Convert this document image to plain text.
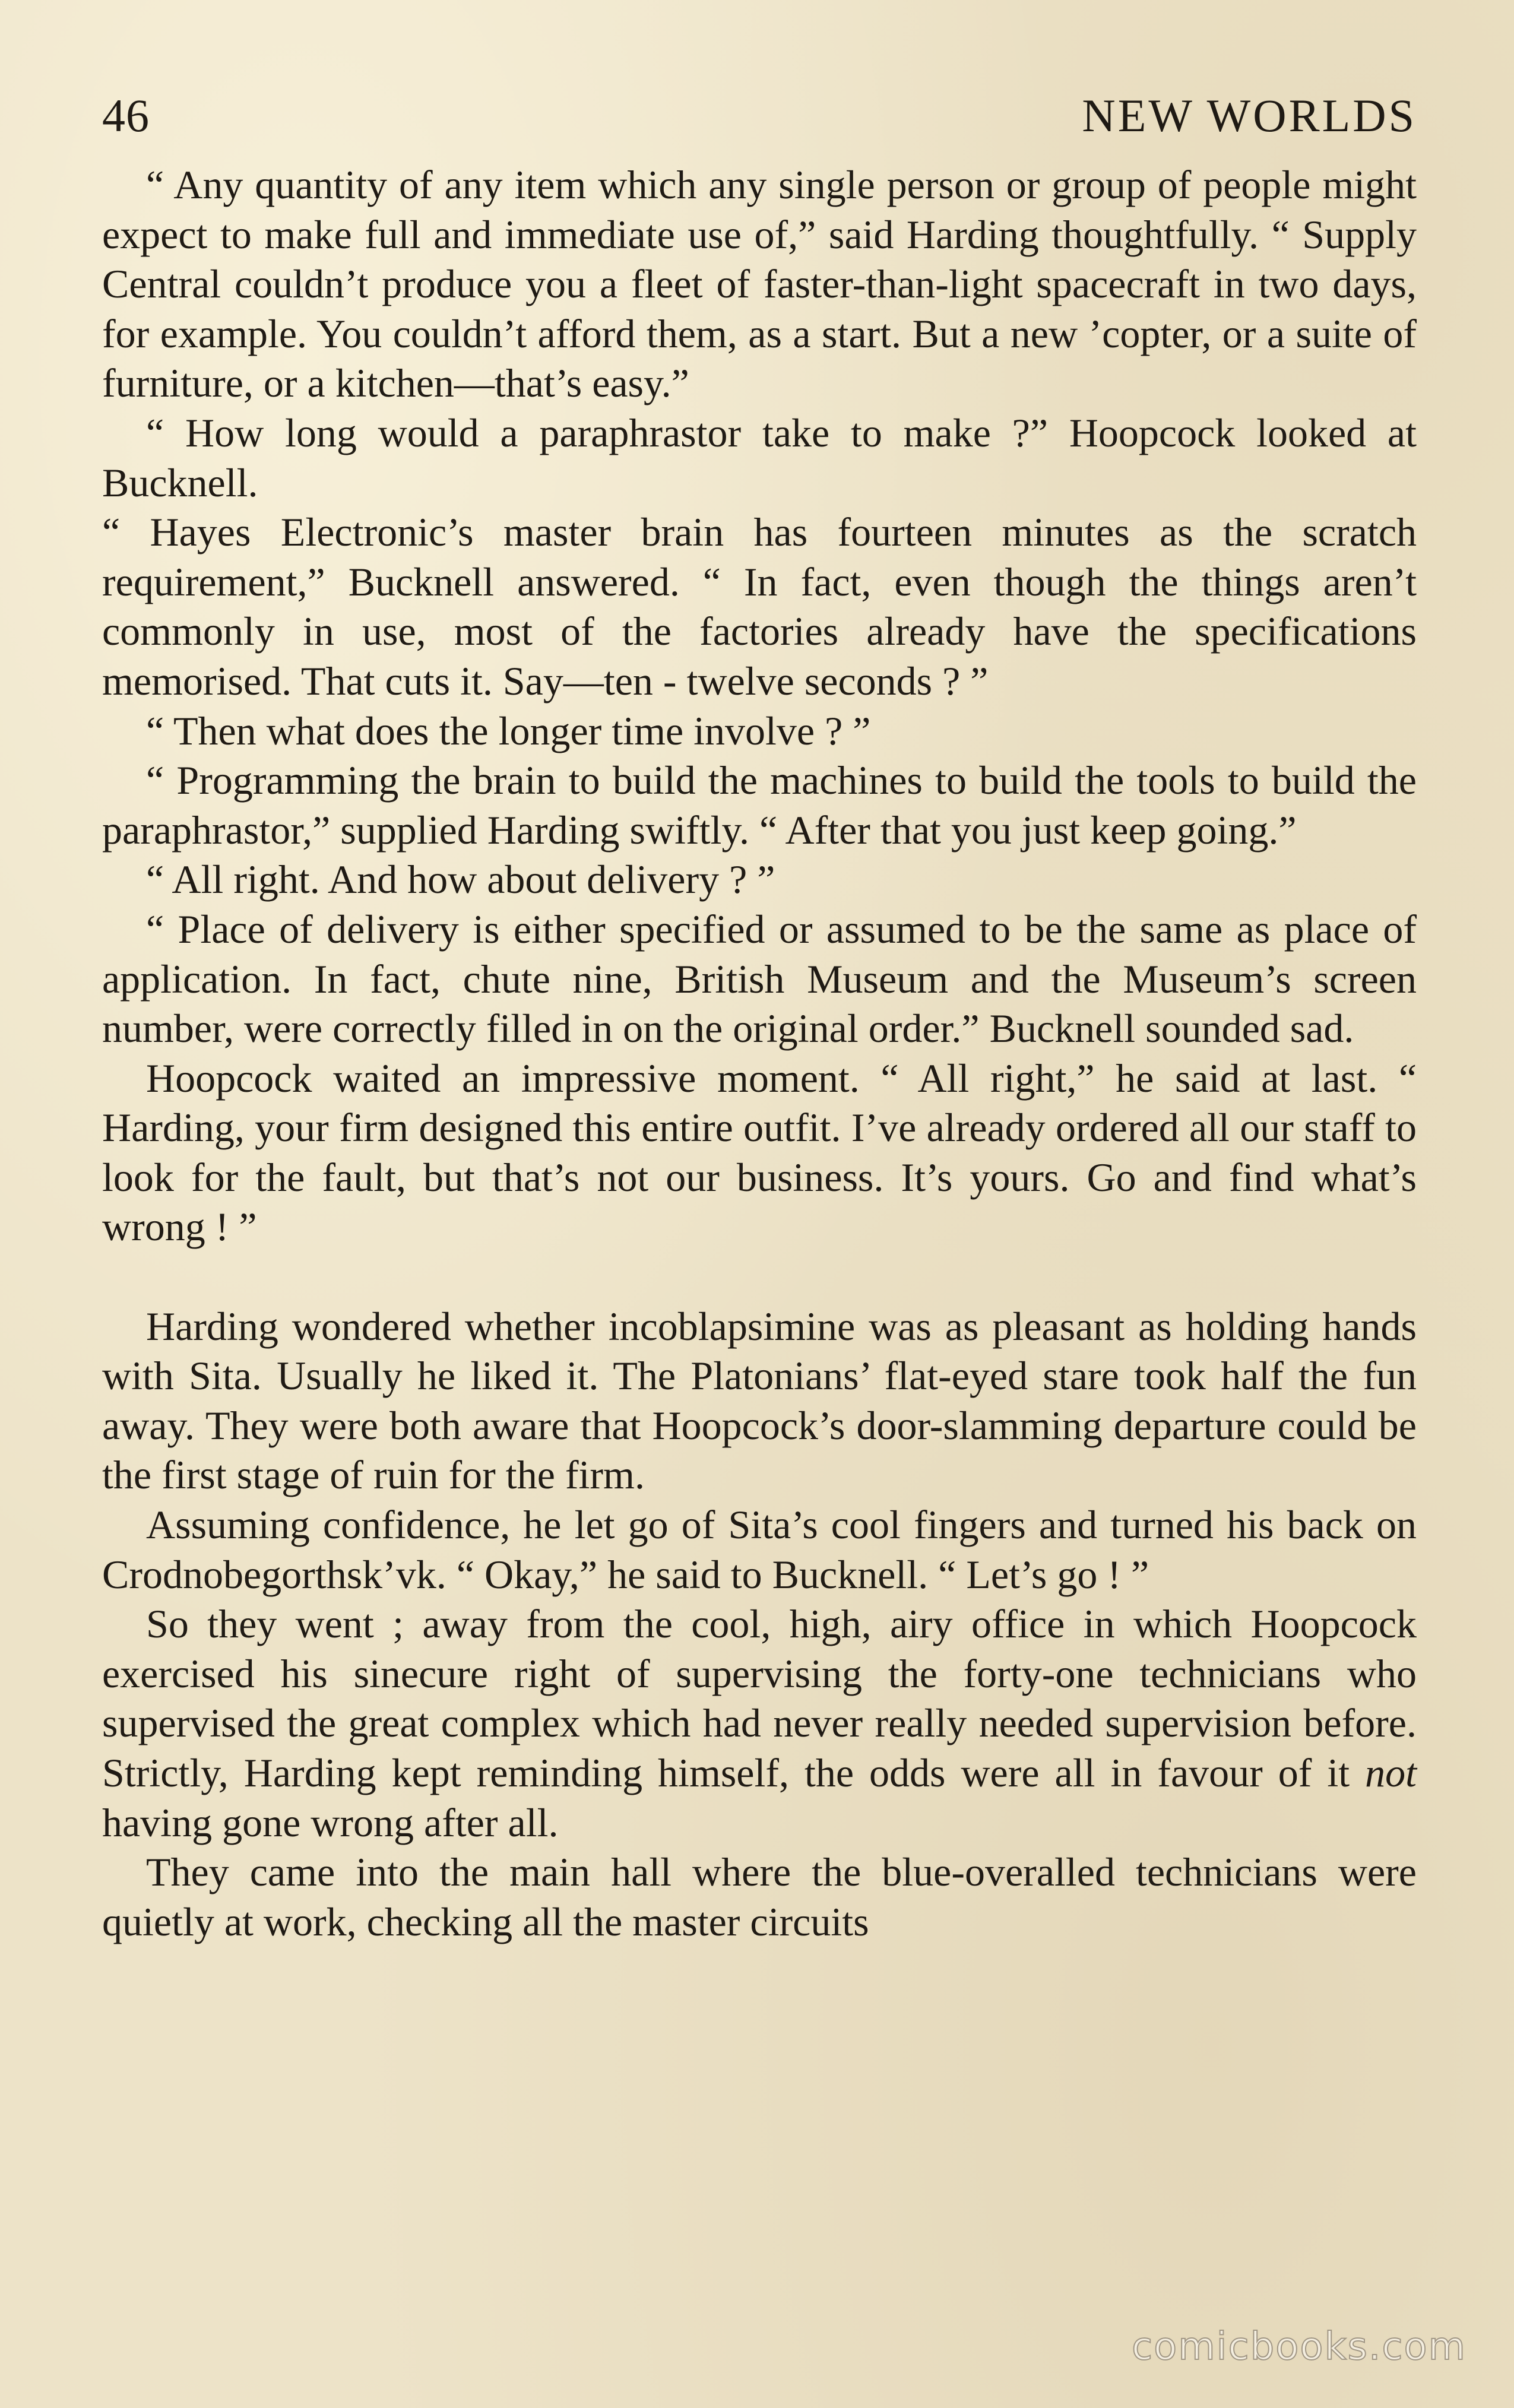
46	NEW WORLDS

“ Any quantity of any item which any single person or group of people might expect to make full and immediate use of,” said Harding thoughtfully. “ Supply Central couldn’t produce you a fleet of faster-than-light spacecraft in two days, for example. You couldn’t afford them, as a start. But a new ’copter, or a suite of furniture, or a kitchen—that’s easy.”

“ How long would a paraphrastor take to make ?” Hoopcock looked at Bucknell.

“ Hayes Electronic’s master brain has fourteen minutes as the scratch requirement,” Bucknell answered. “ In fact, even though the things aren’t commonly in use, most of the factories already have the specifications memorised. That cuts it. Say—ten - twelve seconds ? ”

“ Then what does the longer time involve ? ”

“ Programming the brain to build the machines to build the tools to build the paraphrastor,” supplied Harding swiftly. “ After that you just keep going.”

“ All right. And how about delivery ? ”

“ Place of delivery is either specified or assumed to be the same as place of application. In fact, chute nine, British Museum and the Museum’s screen number, were correctly filled in on the original order.” Bucknell sounded sad.

Hoopcock waited an impressive moment. “ All right,” he said at last. “ Harding, your firm designed this entire outfit. I’ve already ordered all our staff to look for the fault, but that’s not our business. It’s yours. Go and find what’s wrong ! ”

Harding wondered whether incoblapsimine was as pleasant as holding hands with Sita. Usually he liked it. The Platonians’ flat-eyed stare took half the fun away. They were both aware that Hoopcock’s door-slamming departure could be the first stage of ruin for the firm.

Assuming confidence, he let go of Sita’s cool fingers and turned his back on Crodnobegorthsk’vk. “ Okay,” he said to Bucknell. “ Let’s go ! ”

So they went ; away from the cool, high, airy office in which Hoopcock exercised his sinecure right of supervising the forty-one technicians who supervised the great complex which had never really needed supervision before. Strictly, Harding kept reminding himself, the odds were all in favour of it not having gone wrong after all.

They came into the main hall where the blue-overalled technicians were quietly at work, checking all the master circuits

comicbooks.com
